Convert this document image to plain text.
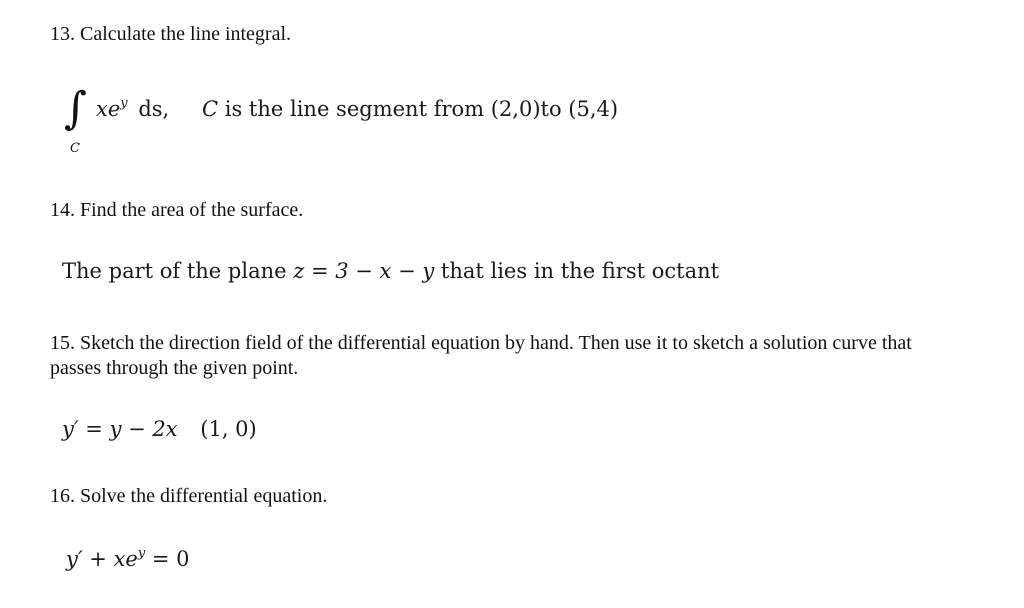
13. Calculate the line integral.
∫
C
$xe^y$ ds, C is the line segment from (2,0)to (5,4)
14. Find the area of the surface.
The part of the plane z = 3 − x − y that lies in the first octant
15. Sketch the direction field of the differential equation by hand. Then use it to sketch a solution curve that passes through the given point.
y′ = y − 2x (1, 0)
16. Solve the differential equation.
$y' + xe^y = 0$
